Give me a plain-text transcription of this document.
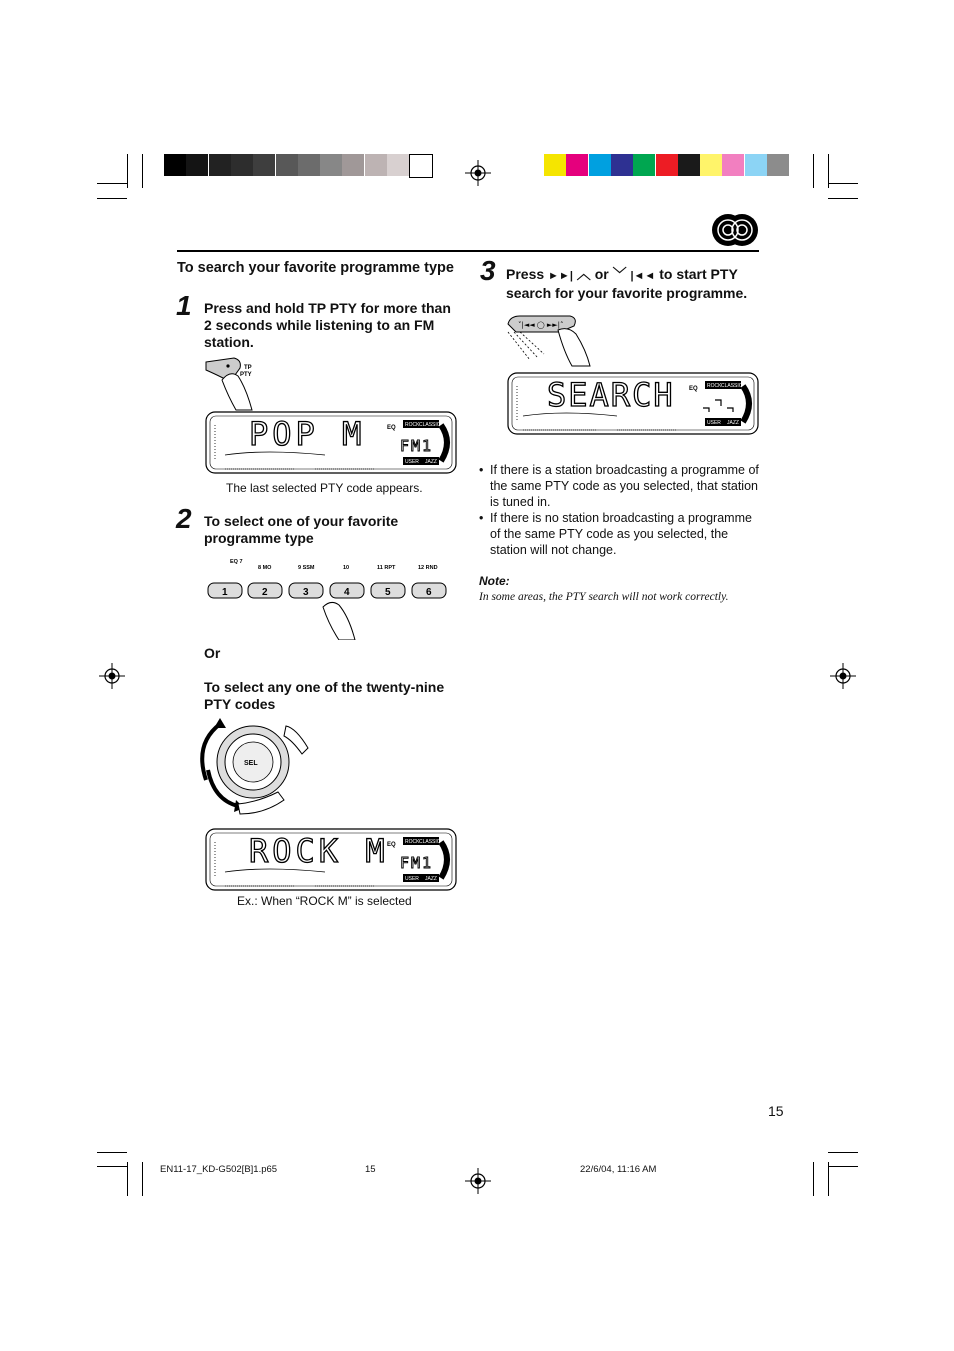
To search your favorite programme type
1 Press and hold TP PTY for more than 2 seconds while listening to an FM station.
TP
PTY
POP M FM1
EQ ROCK CLASSIC
USER JAZZ
The last selected PTY code appears.
2 To select one of your favorite programme type
EQ 7
8 MO	9 SSM	10	11 RPT	12 RND
1	2	3	4	5	6
Or
To select any one of the twenty-nine PTY codes
SEL
ROCK M FM1
EQ ROCK CLASSIC
USER JAZZ
Ex.: When “ROCK M” is selected
3 Press ►►| ︿ or ﹀ |◄◄ to start PTY search for your favorite programme.
˅|◄◄ ◯ ►►|˄
SEARCH EQ ROCK CLASSIC
USER JAZZ
• If there is a station broadcasting a programme of the same PTY code as you selected, that station is tuned in.
• If there is no station broadcasting a programme of the same PTY code as you selected, the station will not change.
Note:
In some areas, the PTY search will not work correctly.
15
EN11-17_KD-G502[B]1.p65	15	22/6/04, 11:16 AM
